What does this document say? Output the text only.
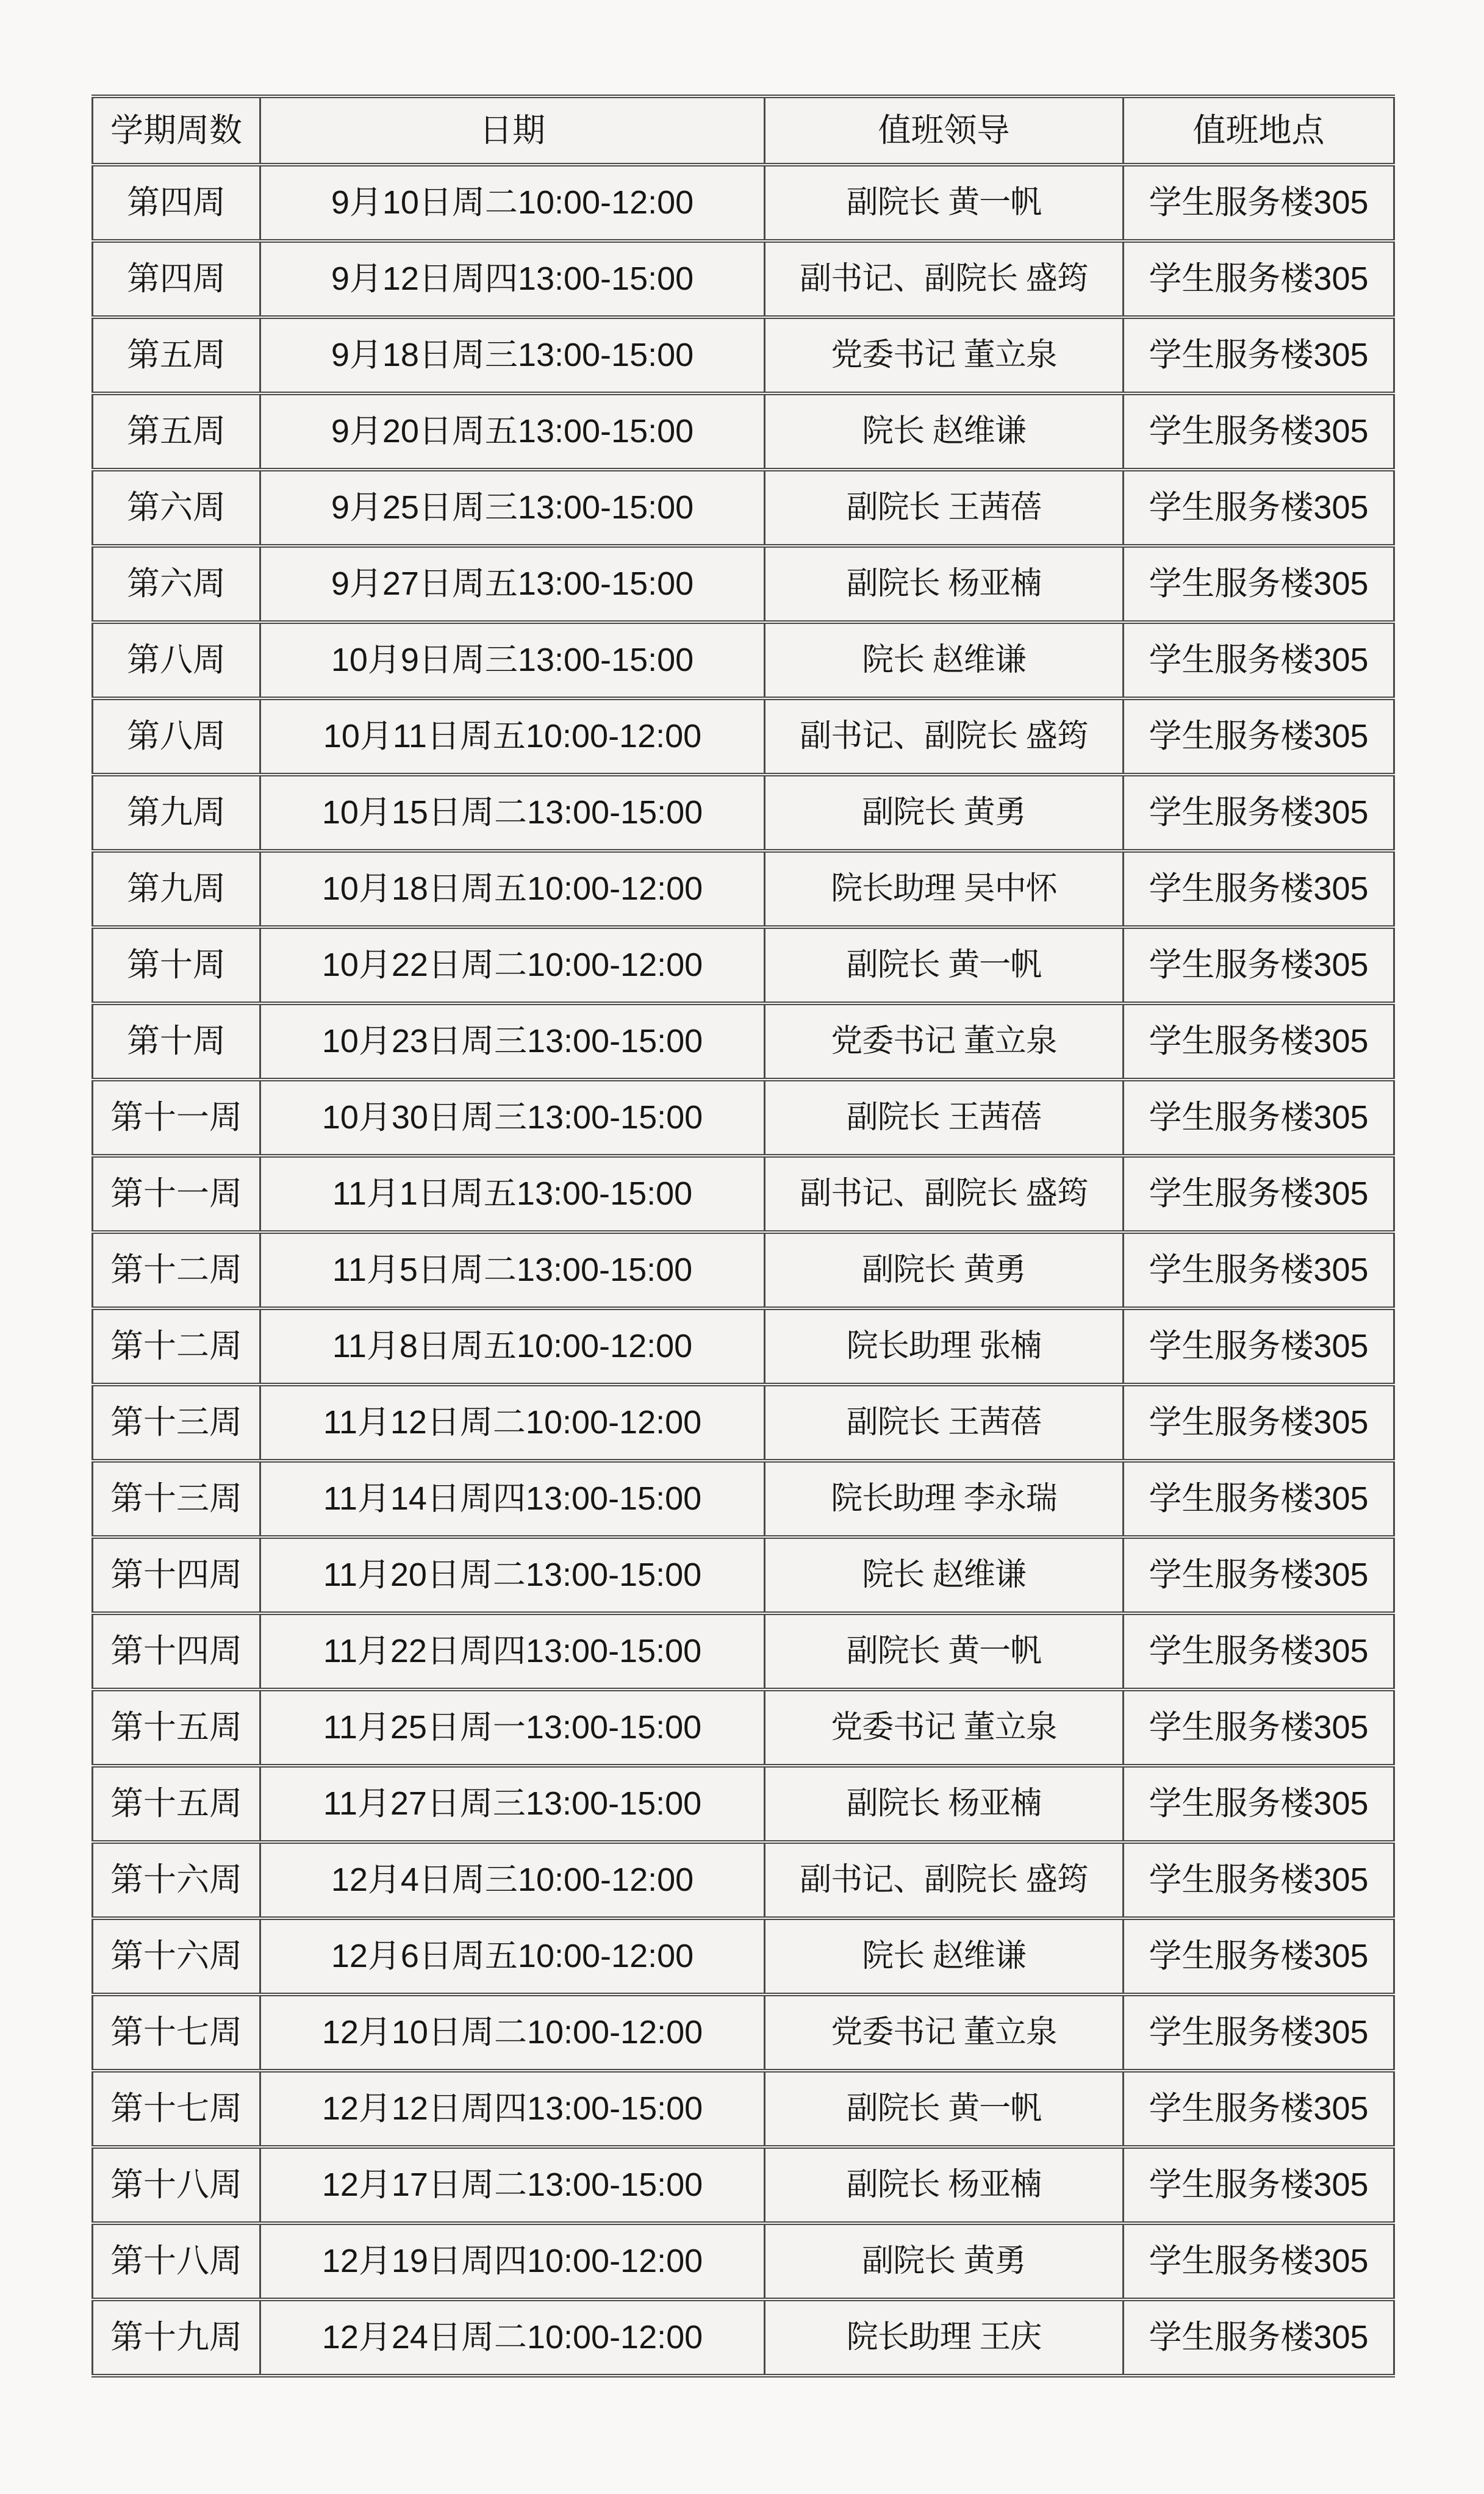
学期周数	日期	值班领导	值班地点
第四周	9月10日周二10:00-12:00	副院长 黄一帆	学生服务楼305
第四周	9月12日周四13:00-15:00	副书记、副院长 盛筠	学生服务楼305
第五周	9月18日周三13:00-15:00	党委书记 董立泉	学生服务楼305
第五周	9月20日周五13:00-15:00	院长 赵维谦	学生服务楼305
第六周	9月25日周三13:00-15:00	副院长 王茜蓓	学生服务楼305
第六周	9月27日周五13:00-15:00	副院长 杨亚楠	学生服务楼305
第八周	10月9日周三13:00-15:00	院长 赵维谦	学生服务楼305
第八周	10月11日周五10:00-12:00	副书记、副院长 盛筠	学生服务楼305
第九周	10月15日周二13:00-15:00	副院长 黄勇	学生服务楼305
第九周	10月18日周五10:00-12:00	院长助理 吴中怀	学生服务楼305
第十周	10月22日周二10:00-12:00	副院长 黄一帆	学生服务楼305
第十周	10月23日周三13:00-15:00	党委书记 董立泉	学生服务楼305
第十一周	10月30日周三13:00-15:00	副院长 王茜蓓	学生服务楼305
第十一周	11月1日周五13:00-15:00	副书记、副院长 盛筠	学生服务楼305
第十二周	11月5日周二13:00-15:00	副院长 黄勇	学生服务楼305
第十二周	11月8日周五10:00-12:00	院长助理 张楠	学生服务楼305
第十三周	11月12日周二10:00-12:00	副院长 王茜蓓	学生服务楼305
第十三周	11月14日周四13:00-15:00	院长助理 李永瑞	学生服务楼305
第十四周	11月20日周二13:00-15:00	院长 赵维谦	学生服务楼305
第十四周	11月22日周四13:00-15:00	副院长 黄一帆	学生服务楼305
第十五周	11月25日周一13:00-15:00	党委书记 董立泉	学生服务楼305
第十五周	11月27日周三13:00-15:00	副院长 杨亚楠	学生服务楼305
第十六周	12月4日周三10:00-12:00	副书记、副院长 盛筠	学生服务楼305
第十六周	12月6日周五10:00-12:00	院长 赵维谦	学生服务楼305
第十七周	12月10日周二10:00-12:00	党委书记 董立泉	学生服务楼305
第十七周	12月12日周四13:00-15:00	副院长 黄一帆	学生服务楼305
第十八周	12月17日周二13:00-15:00	副院长 杨亚楠	学生服务楼305
第十八周	12月19日周四10:00-12:00	副院长 黄勇	学生服务楼305
第十九周	12月24日周二10:00-12:00	院长助理 王庆	学生服务楼305
